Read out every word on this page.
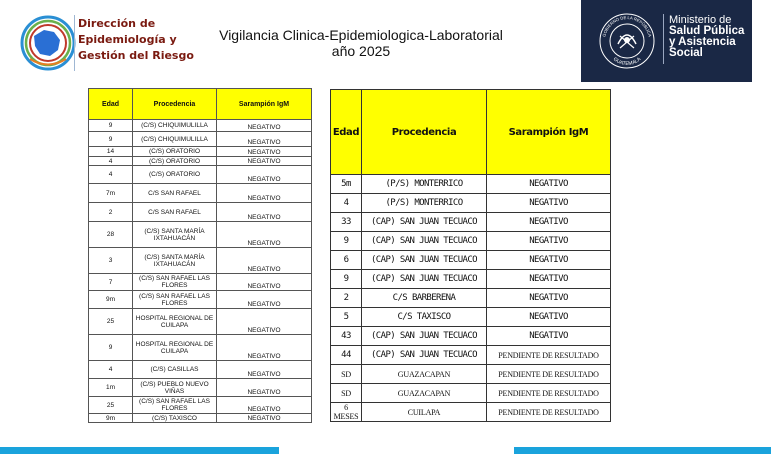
Dirección de
Epidemiología y
Gestión del Riesgo
Vigilancia Clinica-Epidemiologica-Laboratorial
año 2025
GOBIERNO DE LA REPÚBLICA
GUATEMALA
Ministerio de
Salud Pública
y Asistencia
Social
Edad	Procedencia	Sarampión IgM
9	(C/S) CHIQUIMULILLA	NEGATIVO
9	(C/S) CHIQUIMULILLA	NEGATIVO
14	(C/S) ORATORIO	NEGATIVO
4	(C/S) ORATORIO	NEGATIVO
4	(C/S) ORATORIO	NEGATIVO
7m	C/S SAN RAFAEL	NEGATIVO
2	C/S SAN RAFAEL	NEGATIVO
28	(C/S) SANTA MARÍA IXTAHUACÁN	NEGATIVO
3	(C/S) SANTA MARÍA IXTAHUACÁN	NEGATIVO
7	(C/S) SAN RAFAEL LAS FLORES	NEGATIVO
9m	(C/S) SAN RAFAEL LAS FLORES	NEGATIVO
25	HOSPITAL REGIONAL DE CUILAPA	NEGATIVO
9	HOSPITAL REGIONAL DE CUILAPA	NEGATIVO
4	(C/S) CASILLAS	NEGATIVO
1m	(C/S) PUEBLO NUEVO VIÑAS	NEGATIVO
25	(C/S) SAN RAFAEL LAS FLORES	NEGATIVO
9m	(C/S) TAXISCO	NEGATIVO
Edad	Procedencia	Sarampión IgM
5m	(P/S) MONTERRICO	NEGATIVO
4	(P/S) MONTERRICO	NEGATIVO
33	(CAP) SAN JUAN TECUACO	NEGATIVO
9	(CAP) SAN JUAN TECUACO	NEGATIVO
6	(CAP) SAN JUAN TECUACO	NEGATIVO
9	(CAP) SAN JUAN TECUACO	NEGATIVO
2	C/S BARBERENA	NEGATIVO
5	C/S TAXISCO	NEGATIVO
43	(CAP) SAN JUAN TECUACO	NEGATIVO
44	(CAP) SAN JUAN TECUACO	PENDIENTE DE RESULTADO
SD	GUAZACAPAN	PENDIENTE DE RESULTADO
SD	GUAZACAPAN	PENDIENTE DE RESULTADO
6 MESES	CUILAPA	PENDIENTE DE RESULTADO
